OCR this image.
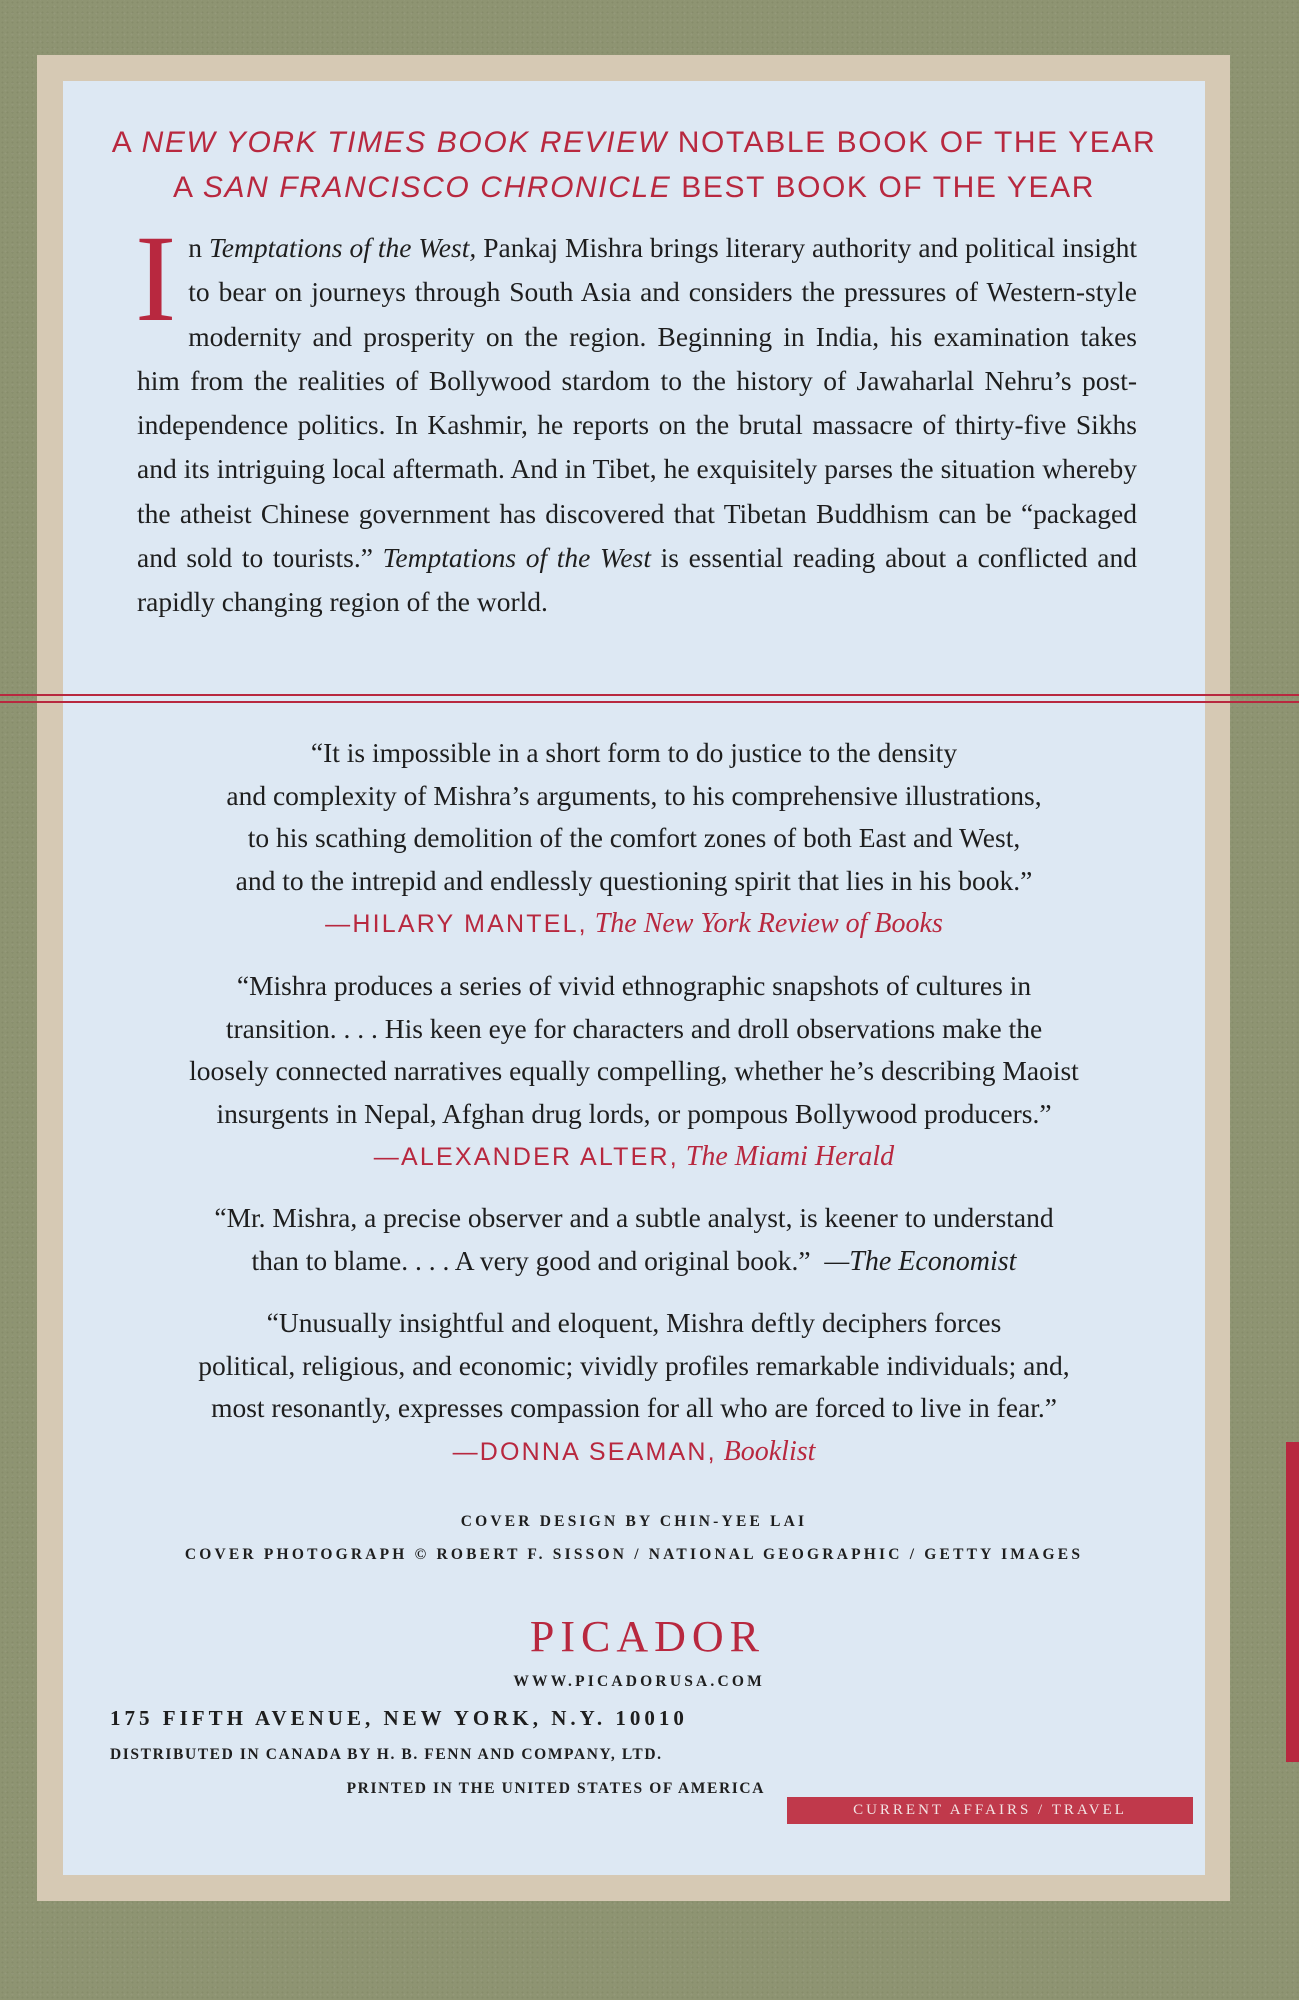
A NEW YORK TIMES BOOK REVIEW NOTABLE BOOK OF THE YEAR
A SAN FRANCISCO CHRONICLE BEST BOOK OF THE YEAR
In Temptations of the West, Pankaj Mishra brings literary authority and political insight to bear on journeys through South Asia and considers the pressures of Western-style modernity and prosperity on the region. Beginning in India, his examination takes him from the realities of Bollywood stardom to the history of Jawaharlal Nehru’s post-independence politics. In Kashmir, he reports on the brutal massacre of thirty-five Sikhs and its intriguing local aftermath. And in Tibet, he exquisitely parses the situation whereby the atheist Chinese government has discovered that Tibetan Buddhism can be “packaged and sold to tourists.” Temptations of the West is essential reading about a conflicted and rapidly changing region of the world.
“It is impossible in a short form to do justice to the density
and complexity of Mishra’s arguments, to his comprehensive illustrations,
to his scathing demolition of the comfort zones of both East and West,
and to the intrepid and endlessly questioning spirit that lies in his book.”
—HILARY MANTEL, The New York Review of Books
“Mishra produces a series of vivid ethnographic snapshots of cultures in
transition. . . . His keen eye for characters and droll observations make the
loosely connected narratives equally compelling, whether he’s describing Maoist
insurgents in Nepal, Afghan drug lords, or pompous Bollywood producers.”
—ALEXANDER ALTER, The Miami Herald
“Mr. Mishra, a precise observer and a subtle analyst, is keener to understand
than to blame. . . . A very good and original book.” —The Economist
“Unusually insightful and eloquent, Mishra deftly deciphers forces
political, religious, and economic; vividly profiles remarkable individuals; and,
most resonantly, expresses compassion for all who are forced to live in fear.”
—DONNA SEAMAN, Booklist
COVER DESIGN BY CHIN-YEE LAI
COVER PHOTOGRAPH © ROBERT F. SISSON / NATIONAL GEOGRAPHIC / GETTY IMAGES
PICADOR
WWW.PICADORUSA.COM
175 FIFTH AVENUE, NEW YORK, N.Y. 10010
DISTRIBUTED IN CANADA BY H. B. FENN AND COMPANY, LTD.
PRINTED IN THE UNITED STATES OF AMERICA
CURRENT AFFAIRS / TRAVEL
